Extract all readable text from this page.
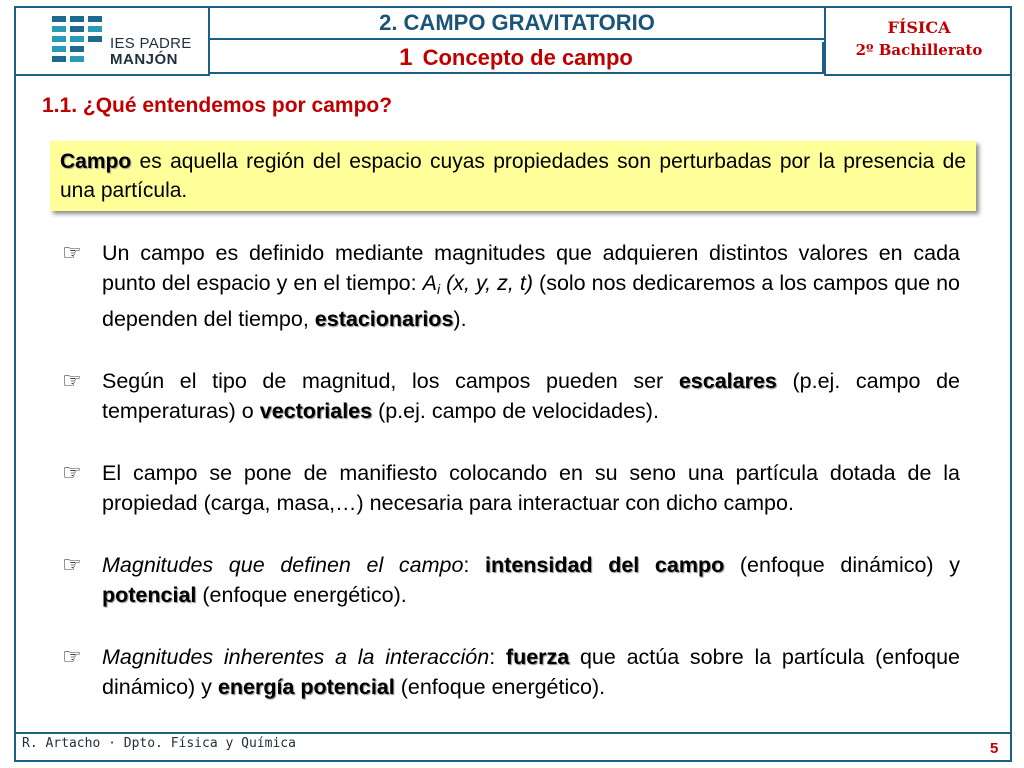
IES PADRE
MANJÓN
2. CAMPO GRAVITATORIO
1 Concepto de campo
FÍSICA
2º Bachillerato
1.1. ¿Qué entendemos por campo?
Campo es aquella región del espacio cuyas propiedades son perturbadas por la presencia de una partícula.
☞ Un campo es definido mediante magnitudes que adquieren distintos valores en cada punto del espacio y en el tiempo: $A_i$ (x, y, z, t) (solo nos dedicaremos a los campos que no dependen del tiempo, estacionarios).
☞ Según el tipo de magnitud, los campos pueden ser escalares (p.ej. campo de temperaturas) o vectoriales (p.ej. campo de velocidades).
☞ El campo se pone de manifiesto colocando en su seno una partícula dotada de la propiedad (carga, masa,…) necesaria para interactuar con dicho campo.
☞ Magnitudes que definen el campo: intensidad del campo (enfoque dinámico) y potencial (enfoque energético).
☞ Magnitudes inherentes a la interacción: fuerza que actúa sobre la partícula (enfoque dinámico) y energía potencial (enfoque energético).
R. Artacho · Dpto. Física y Química	5
